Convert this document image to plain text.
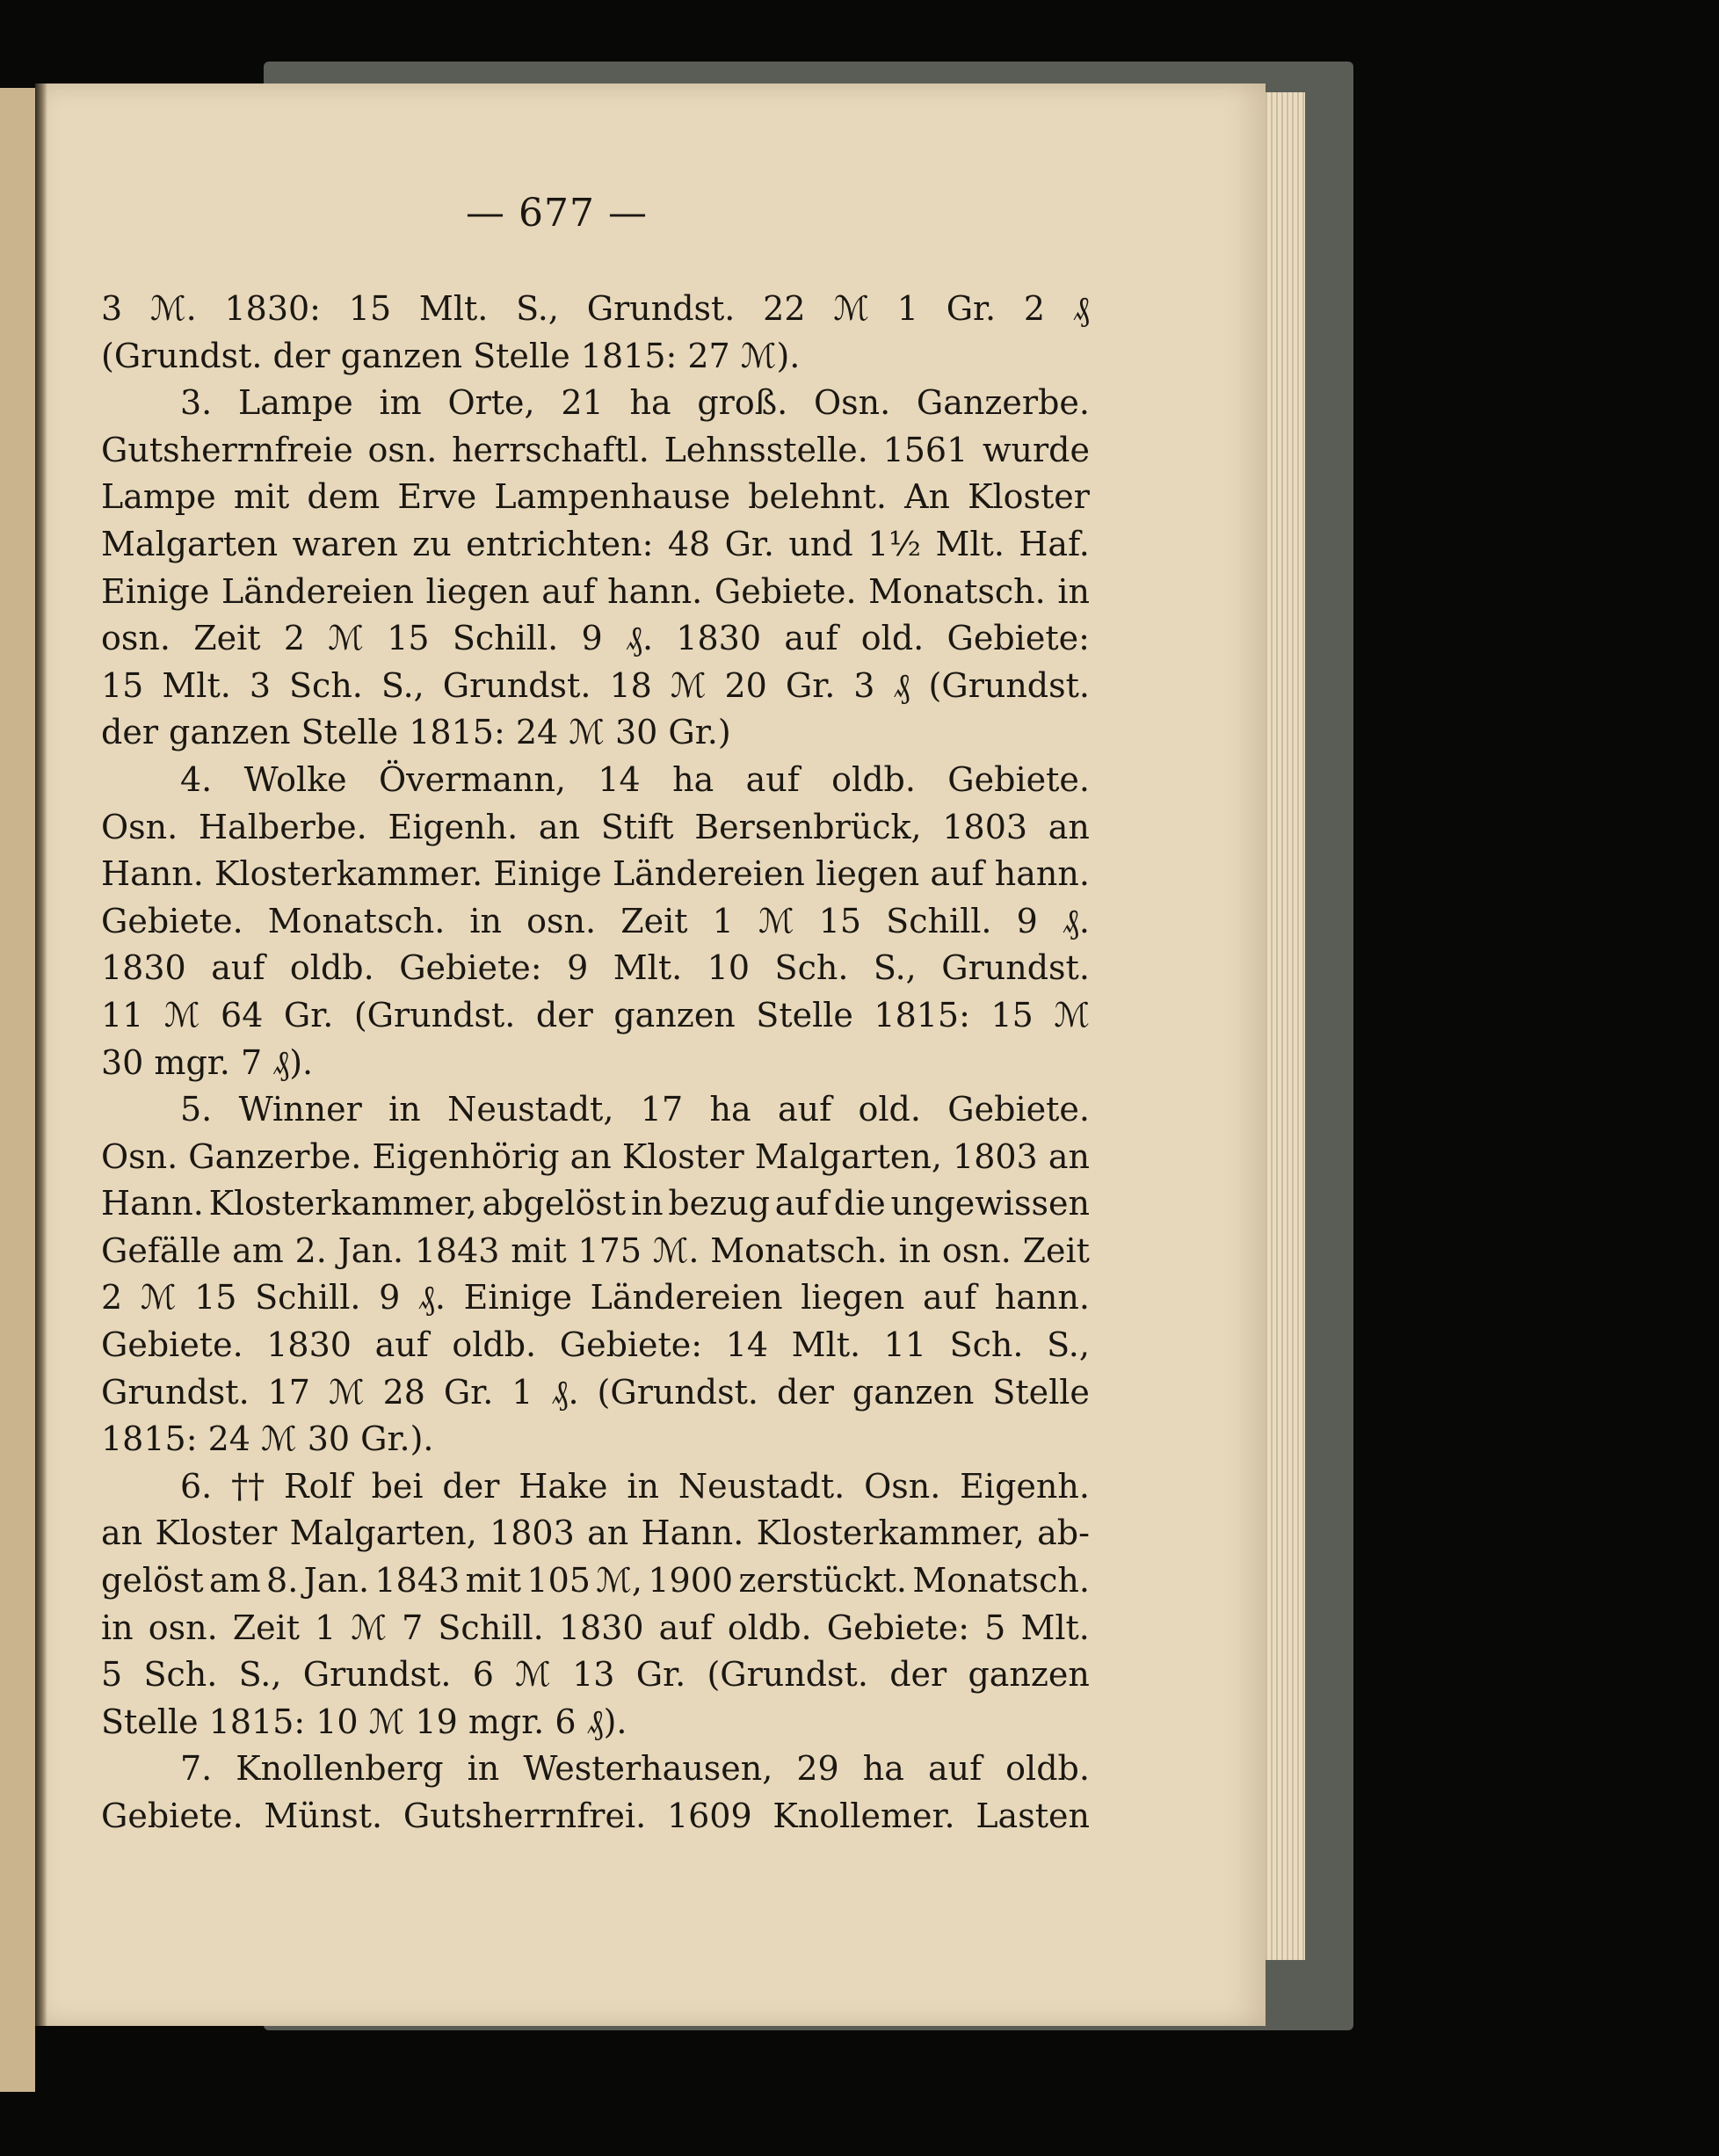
— 677 —
3 ℳ. 1830: 15 Mlt. S., Grundst. 22 ℳ 1 Gr. 2 ₰
(Grundst. der ganzen Stelle 1815: 27 ℳ).
3. Lampe im Orte, 21 ha groß. Osn. Ganzerbe.
Gutsherrnfreie osn. herrschaftl. Lehnsstelle. 1561 wurde
Lampe mit dem Erve Lampenhause belehnt. An Kloster
Malgarten waren zu entrichten: 48 Gr. und 1½ Mlt. Haf.
Einige Ländereien liegen auf hann. Gebiete. Monatsch. in
osn. Zeit 2 ℳ 15 Schill. 9 ₰. 1830 auf old. Gebiete:
15 Mlt. 3 Sch. S., Grundst. 18 ℳ 20 Gr. 3 ₰ (Grundst.
der ganzen Stelle 1815: 24 ℳ 30 Gr.)
4. Wolke Övermann, 14 ha auf oldb. Gebiete.
Osn. Halberbe. Eigenh. an Stift Bersenbrück, 1803 an
Hann. Klosterkammer. Einige Ländereien liegen auf hann.
Gebiete. Monatsch. in osn. Zeit 1 ℳ 15 Schill. 9 ₰.
1830 auf oldb. Gebiete: 9 Mlt. 10 Sch. S., Grundst.
11 ℳ 64 Gr. (Grundst. der ganzen Stelle 1815: 15 ℳ
30 mgr. 7 ₰).
5. Winner in Neustadt, 17 ha auf old. Gebiete.
Osn. Ganzerbe. Eigenhörig an Kloster Malgarten, 1803 an
Hann. Klosterkammer, abgelöst in bezug auf die ungewissen
Gefälle am 2. Jan. 1843 mit 175 ℳ. Monatsch. in osn. Zeit
2 ℳ 15 Schill. 9 ₰. Einige Ländereien liegen auf hann.
Gebiete. 1830 auf oldb. Gebiete: 14 Mlt. 11 Sch. S.,
Grundst. 17 ℳ 28 Gr. 1 ₰. (Grundst. der ganzen Stelle
1815: 24 ℳ 30 Gr.).
6. †† Rolf bei der Hake in Neustadt. Osn. Eigenh.
an Kloster Malgarten, 1803 an Hann. Klosterkammer, ab-
gelöst am 8. Jan. 1843 mit 105 ℳ, 1900 zerstückt. Monatsch.
in osn. Zeit 1 ℳ 7 Schill. 1830 auf oldb. Gebiete: 5 Mlt.
5 Sch. S., Grundst. 6 ℳ 13 Gr. (Grundst. der ganzen
Stelle 1815: 10 ℳ 19 mgr. 6 ₰).
7. Knollenberg in Westerhausen, 29 ha auf oldb.
Gebiete. Münst. Gutsherrnfrei. 1609 Knollemer. Lasten
